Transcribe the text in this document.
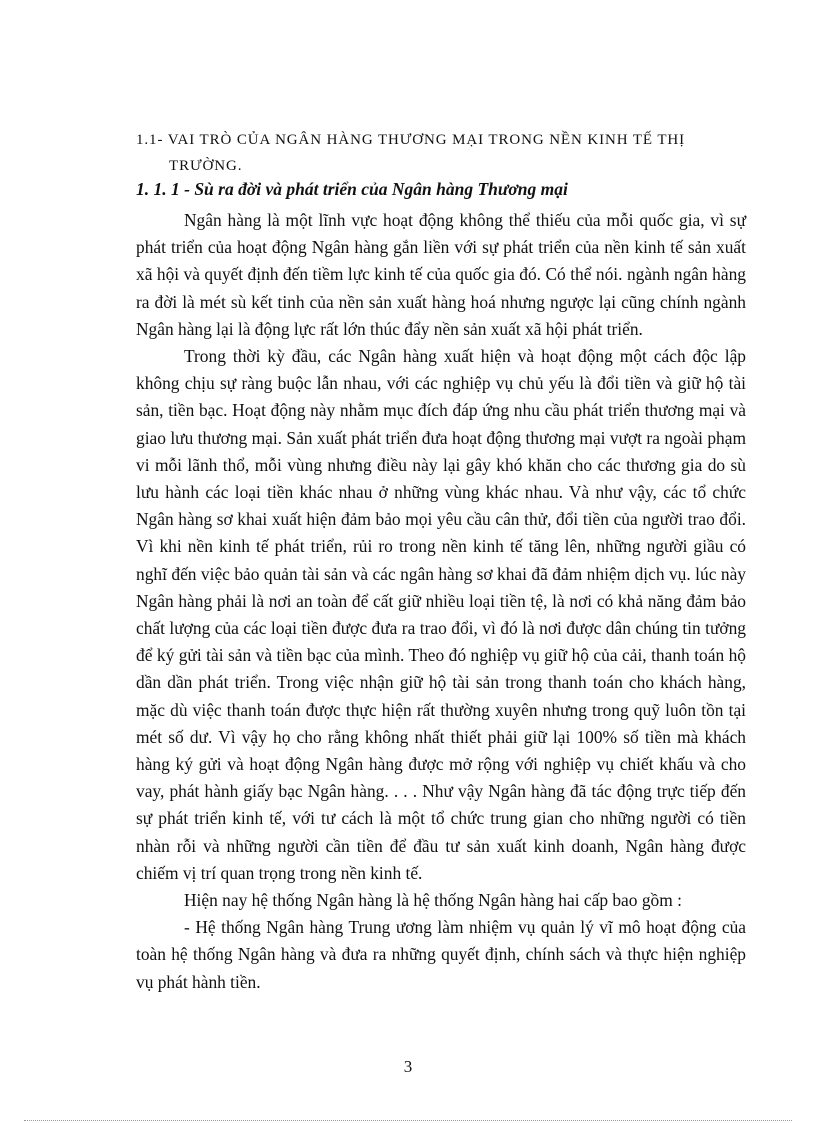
1.1- VAI TRÒ CỦA NGÂN HÀNG THƯƠNG MẠI TRONG NỀN KINH TẾ THỊ
TRƯỜNG.
1. 1. 1 - Sù ra đời và phát triển của Ngân hàng Thương mại

Ngân hàng là một lĩnh vực hoạt động không thể thiếu của mỗi quốc gia, vì sự phát triển của hoạt động Ngân hàng gắn liền với sự phát triển của nền kinh tế sản xuất xã hội và quyết định đến tiềm lực kinh tế của quốc gia đó. Có thể nói. ngành ngân hàng ra đời là mét sù kết tinh của nền sản xuất hàng hoá nhưng ngược lại cũng chính ngành Ngân hàng lại là động lực rất lớn thúc đẩy nền sản xuất xã hội phát triển.

Trong thời kỳ đầu, các Ngân hàng xuất hiện và hoạt động một cách độc lập không chịu sự ràng buộc lẫn nhau, với các nghiệp vụ chủ yếu là đổi tiền và giữ hộ tài sản, tiền bạc. Hoạt động này nhằm mục đích đáp ứng nhu cầu phát triển thương mại và giao lưu thương mại. Sản xuất phát triển đưa hoạt động thương mại vượt ra ngoài phạm vi mỗi lãnh thổ, mỗi vùng nhưng điều này lại gây khó khăn cho các thương gia do sù lưu hành các loại tiền khác nhau ở những vùng khác nhau. Và như vậy, các tổ chức Ngân hàng sơ khai xuất hiện đảm bảo mọi yêu cầu cân thử, đổi tiền của người trao đổi. Vì khi nền kinh tế phát triển, rủi ro trong nền kinh tế tăng lên, những người giầu có nghĩ đến việc bảo quản tài sản và các ngân hàng sơ khai đã đảm nhiệm dịch vụ. lúc này Ngân hàng phải là nơi an toàn để cất giữ nhiều loại tiền tệ, là nơi có khả năng đảm bảo chất lượng của các loại tiền được đưa ra trao đổi, vì đó là nơi được dân chúng tin tưởng để ký gửi tài sản và tiền bạc của mình. Theo đó nghiệp vụ giữ hộ của cải, thanh toán hộ dần dần phát triển. Trong việc nhận giữ hộ tài sản trong thanh toán cho khách hàng, mặc dù việc thanh toán được thực hiện rất thường xuyên nhưng trong quỹ luôn tồn tại mét số dư. Vì vậy họ cho rằng không nhất thiết phải giữ lại 100% số tiền mà khách hàng ký gửi và hoạt động Ngân hàng được mở rộng với nghiệp vụ chiết khấu và cho vay, phát hành giấy bạc Ngân hàng. . . . Như vậy Ngân hàng đã tác động trực tiếp đến sự phát triển kinh tế, với tư cách là một tổ chức trung gian cho những người có tiền nhàn rỗi và những người cần tiền để đầu tư sản xuất kinh doanh, Ngân hàng được chiếm vị trí quan trọng trong nền kinh tế.

Hiện nay hệ thống Ngân hàng là hệ thống Ngân hàng hai cấp bao gồm :

- Hệ thống Ngân hàng Trung ương làm nhiệm vụ quản lý vĩ mô hoạt động của toàn hệ thống Ngân hàng và đưa ra những quyết định, chính sách và thực hiện nghiệp vụ phát hành tiền.

3
